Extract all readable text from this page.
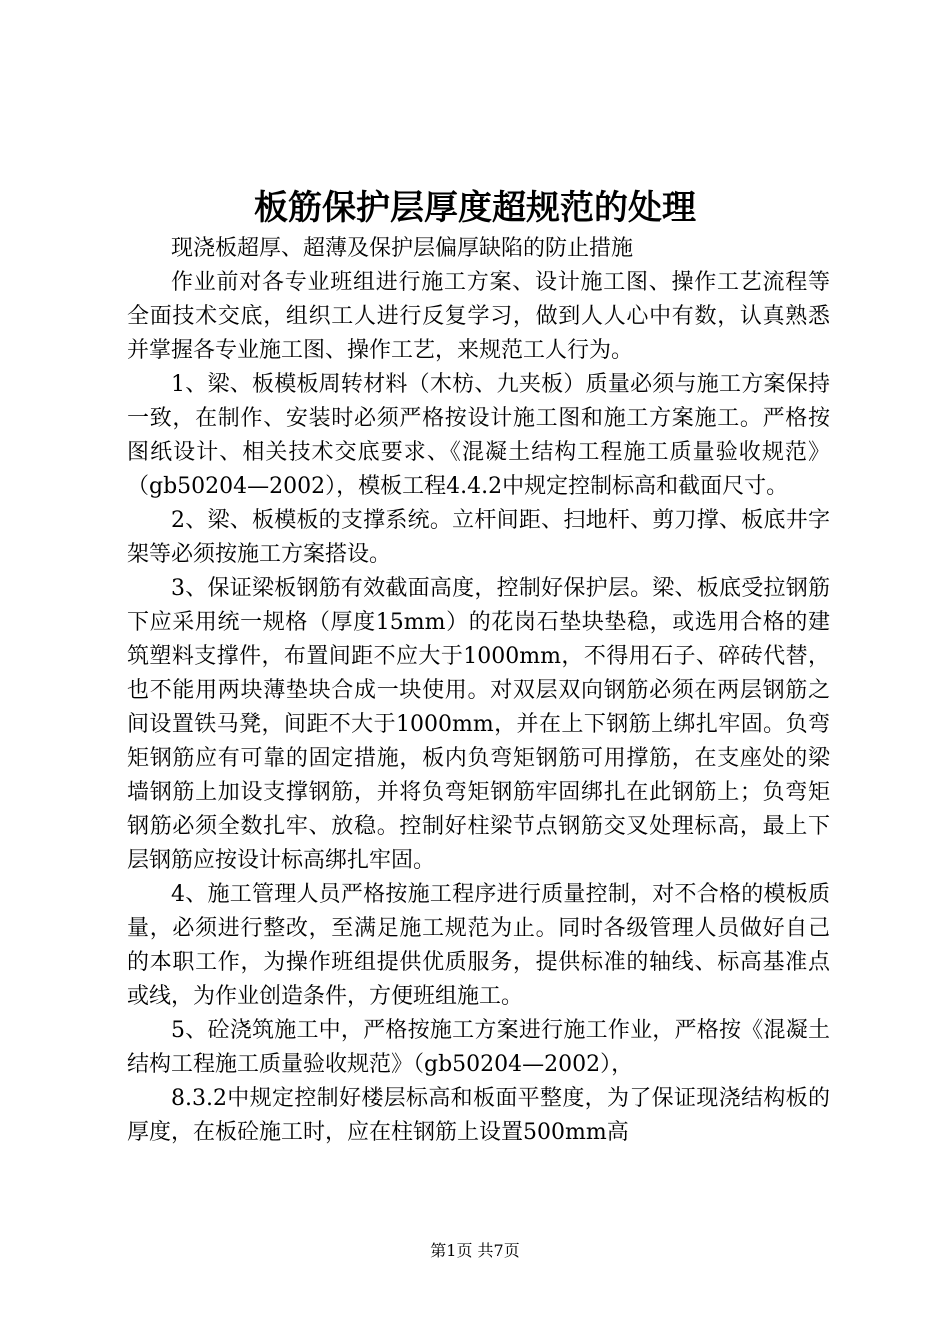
板筋保护层厚度超规范的处理

现浇板超厚、超薄及保护层偏厚缺陷的防止措施

作业前对各专业班组进行施工方案、设计施工图、操作工艺流程等全面技术交底，组织工人进行反复学习，做到人人心中有数，认真熟悉并掌握各专业施工图、操作工艺，来规范工人行为。

1、梁、板模板周转材料（木枋、九夹板）质量必须与施工方案保持一致，在制作、安装时必须严格按设计施工图和施工方案施工。严格按图纸设计、相关技术交底要求、《混凝土结构工程施工质量验收规范》（gb50204—2002），模板工程4.4.2中规定控制标高和截面尺寸。

2、梁、板模板的支撑系统。立杆间距、扫地杆、剪刀撑、板底井字架等必须按施工方案搭设。

3、保证梁板钢筋有效截面高度，控制好保护层。梁、板底受拉钢筋下应采用统一规格（厚度15mm）的花岗石垫块垫稳，或选用合格的建筑塑料支撑件，布置间距不应大于1000mm，不得用石子、碎砖代替，也不能用两块薄垫块合成一块使用。对双层双向钢筋必须在两层钢筋之间设置铁马凳，间距不大于1000mm，并在上下钢筋上绑扎牢固。负弯矩钢筋应有可靠的固定措施，板内负弯矩钢筋可用撑筋，在支座处的梁墙钢筋上加设支撑钢筋，并将负弯矩钢筋牢固绑扎在此钢筋上；负弯矩钢筋必须全数扎牢、放稳。控制好柱梁节点钢筋交叉处理标高，最上下层钢筋应按设计标高绑扎牢固。

4、施工管理人员严格按施工程序进行质量控制，对不合格的模板质量，必须进行整改，至满足施工规范为止。同时各级管理人员做好自己的本职工作，为操作班组提供优质服务，提供标准的轴线、标高基准点或线，为作业创造条件，方便班组施工。

5、砼浇筑施工中，严格按施工方案进行施工作业，严格按《混凝土结构工程施工质量验收规范》（gb50204—2002），

8.3.2中规定控制好楼层标高和板面平整度，为了保证现浇结构板的厚度，在板砼施工时，应在柱钢筋上设置500mm高

第1页 共7页
